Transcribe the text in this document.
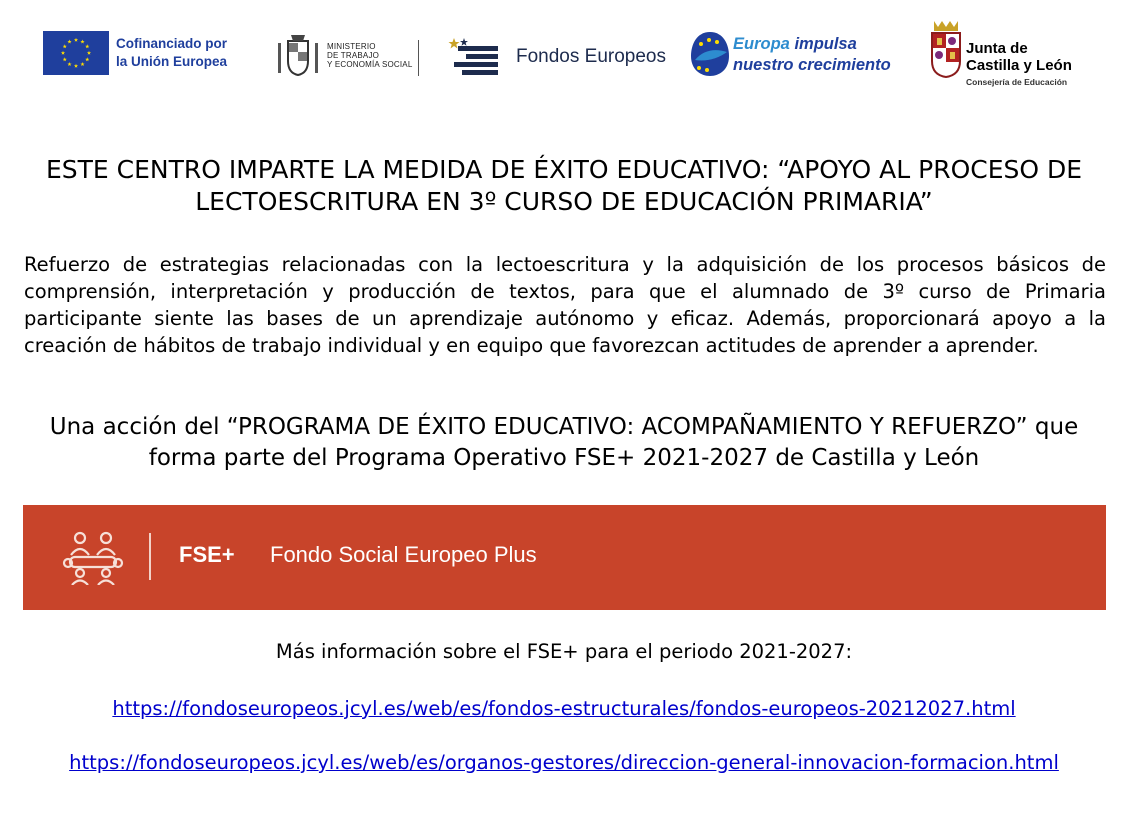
Cofinanciado por
la Unión Europea
MINISTERIO
DE TRABAJO
Y ECONOMÍA SOCIAL	Fondos Europeos
Europa impulsa
nuestro crecimiento
Junta de
Castilla y León
Consejería de Educación
ESTE CENTRO IMPARTE LA MEDIDA DE ÉXITO EDUCATIVO: “APOYO AL PROCESO DE LECTOESCRITURA EN 3º CURSO DE EDUCACIÓN PRIMARIA”

Refuerzo de estrategias relacionadas con la lectoescritura y la adquisición de los procesos básicos de comprensión, interpretación y producción de textos, para que el alumnado de 3º curso de Primaria participante siente las bases de un aprendizaje autónomo y eficaz. Además, proporcionará apoyo a la creación de hábitos de trabajo individual y en equipo que favorezcan actitudes de aprender a aprender.

Una acción del “PROGRAMA DE ÉXITO EDUCATIVO: ACOMPAÑAMIENTO Y REFUERZO” que forma parte del Programa Operativo FSE+ 2021-2027 de Castilla y León

FSE+ Fondo Social Europeo Plus

Más información sobre el FSE+ para el periodo 2021-2027:

https://fondoseuropeos.jcyl.es/web/es/fondos-estructurales/fondos-europeos-20212027.html
https://fondoseuropeos.jcyl.es/web/es/organos-gestores/direccion-general-innovacion-formacion.html
